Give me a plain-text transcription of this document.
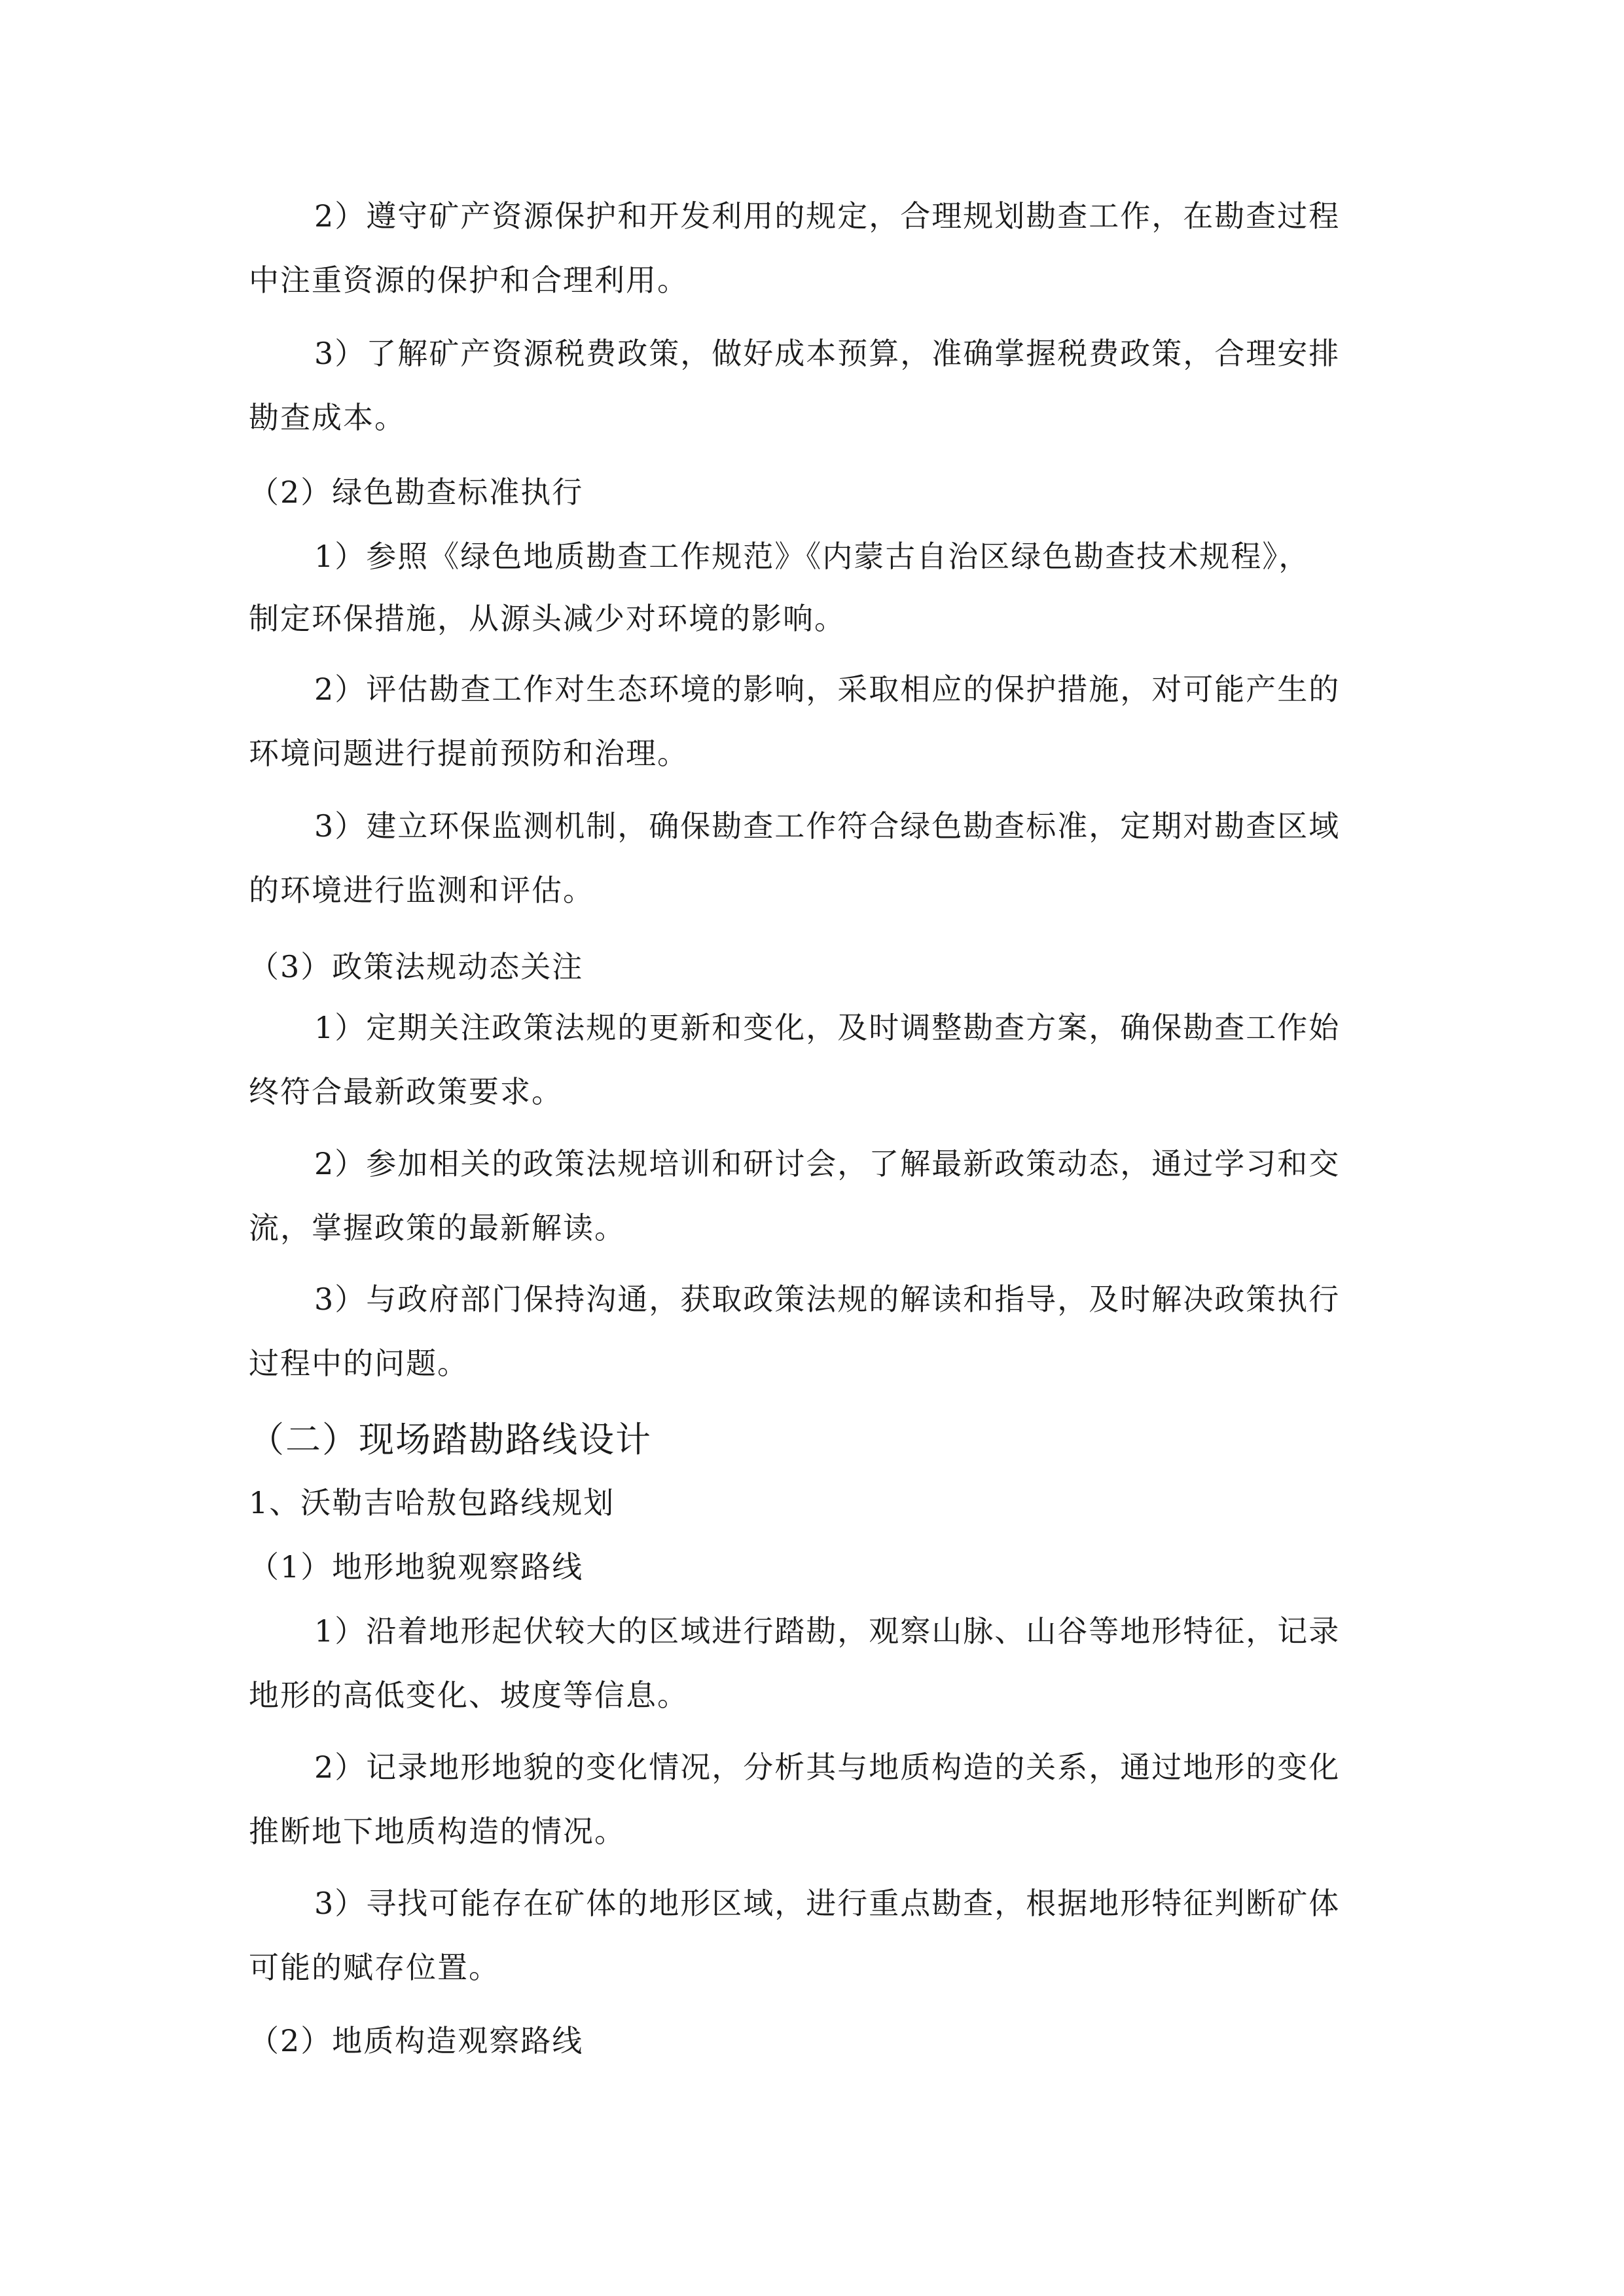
2）遵守矿产资源保护和开发利用的规定，合理规划勘查工作，在勘查过程
中注重资源的保护和合理利用。
3）了解矿产资源税费政策，做好成本预算，准确掌握税费政策，合理安排
勘查成本。
（2）绿色勘查标准执行
1）参照《绿色地质勘查工作规范》《内蒙古自治区绿色勘查技术规程》，
制定环保措施，从源头减少对环境的影响。
2）评估勘查工作对生态环境的影响，采取相应的保护措施，对可能产生的
环境问题进行提前预防和治理。
3）建立环保监测机制，确保勘查工作符合绿色勘查标准，定期对勘查区域
的环境进行监测和评估。
（3）政策法规动态关注
1）定期关注政策法规的更新和变化，及时调整勘查方案，确保勘查工作始
终符合最新政策要求。
2）参加相关的政策法规培训和研讨会，了解最新政策动态，通过学习和交
流，掌握政策的最新解读。
3）与政府部门保持沟通，获取政策法规的解读和指导，及时解决政策执行
过程中的问题。
（二）现场踏勘路线设计
1、沃勒吉哈敖包路线规划
（1）地形地貌观察路线
1）沿着地形起伏较大的区域进行踏勘，观察山脉、山谷等地形特征，记录
地形的高低变化、坡度等信息。
2）记录地形地貌的变化情况，分析其与地质构造的关系，通过地形的变化
推断地下地质构造的情况。
3）寻找可能存在矿体的地形区域，进行重点勘查，根据地形特征判断矿体
可能的赋存位置。
（2）地质构造观察路线
